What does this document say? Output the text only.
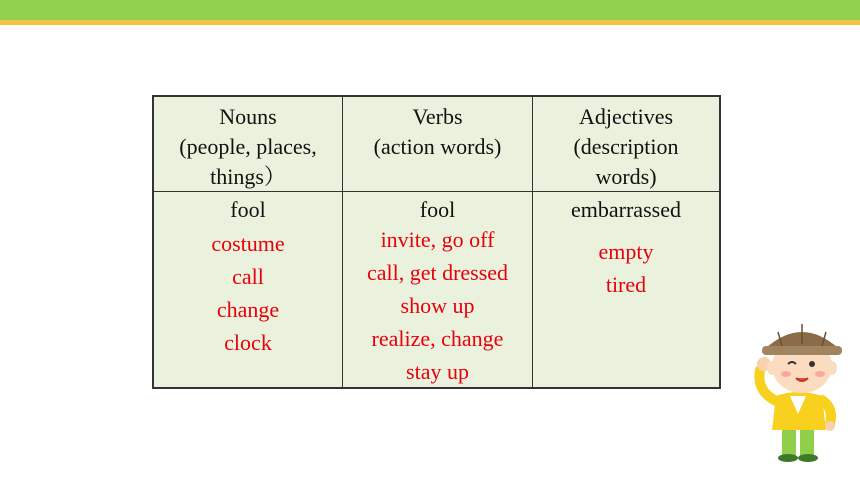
Nouns
(people, places,
things）
Verbs
(action words)
Adjectives
(description
words)
fool
costume
call
change
clock
fool
invite, go off
call, get dressed
show up
realize, change
stay up
embarrassed
empty
tired
